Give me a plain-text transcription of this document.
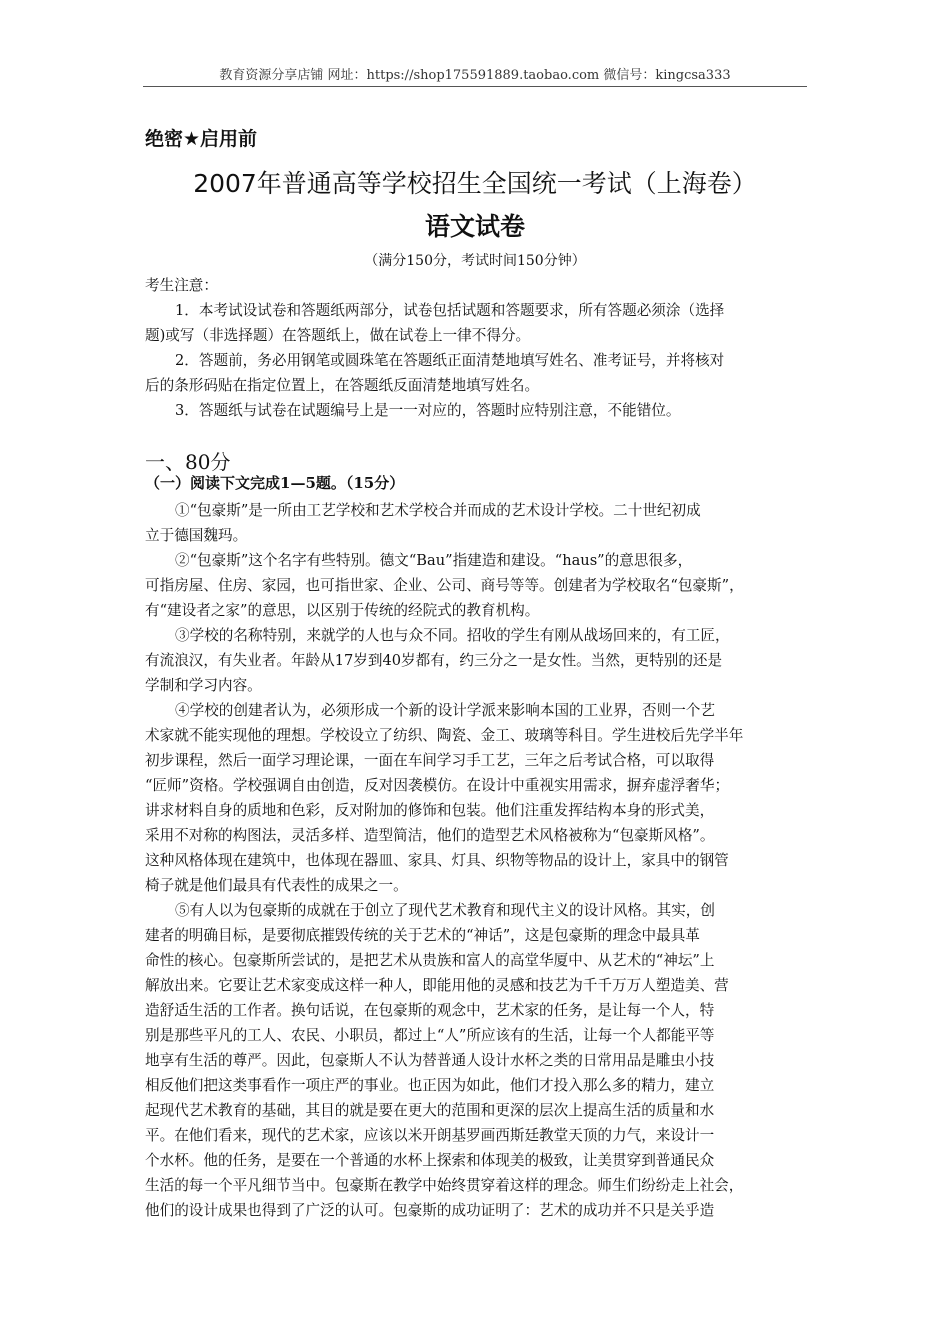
教育资源分享店铺 网址：https://shop175591889.taobao.com 微信号：kingcsa333
绝密★启用前
2007年普通高等学校招生全国统一考试（上海卷）
语文试卷
（满分150分，考试时间150分钟）
考生注意：
1．本考试设试卷和答题纸两部分，试卷包括试题和答题要求，所有答题必须涂（选择
题)或写（非选择题）在答题纸上，做在试卷上一律不得分。
2．答题前，务必用钢笔或圆珠笔在答题纸正面清楚地填写姓名、准考证号，并将核对
后的条形码贴在指定位置上，在答题纸反面清楚地填写姓名。
3．答题纸与试卷在试题编号上是一一对应的，答题时应特别注意，不能错位。
一、80分
（一）阅读下文完成1—5题。（15分）
①“包豪斯”是一所由工艺学校和艺术学校合并而成的艺术设计学校。二十世纪初成
立于德国魏玛。
②“包豪斯”这个名字有些特别。德文“Bau”指建造和建设。“haus”的意思很多，
可指房屋、住房、家园，也可指世家、企业、公司、商号等等。创建者为学校取名“包豪斯”，
有“建设者之家”的意思，以区别于传统的经院式的教育机构。
③学校的名称特别，来就学的人也与众不同。招收的学生有刚从战场回来的，有工匠，
有流浪汉，有失业者。年龄从17岁到40岁都有，约三分之一是女性。当然，更特别的还是
学制和学习内容。
④学校的创建者认为，必须形成一个新的设计学派来影响本国的工业界，否则一个艺
术家就不能实现他的理想。学校设立了纺织、陶瓷、金工、玻璃等科目。学生进校后先学半年
初步课程，然后一面学习理论课，一面在车间学习手工艺，三年之后考试合格，可以取得
“匠师”资格。学校强调自由创造，反对因袭模仿。在设计中重视实用需求，摒弃虚浮奢华；
讲求材料自身的质地和色彩，反对附加的修饰和包装。他们注重发挥结构本身的形式美，
采用不对称的构图法，灵活多样、造型简洁，他们的造型艺术风格被称为“包豪斯风格”。
这种风格体现在建筑中，也体现在器皿、家具、灯具、织物等物品的设计上，家具中的钢管
椅子就是他们最具有代表性的成果之一。
⑤有人以为包豪斯的成就在于创立了现代艺术教育和现代主义的设计风格。其实，创
建者的明确目标，是要彻底摧毁传统的关于艺术的“神话”，这是包豪斯的理念中最具革
命性的核心。包豪斯所尝试的，是把艺术从贵族和富人的高堂华厦中、从艺术的“神坛”上
解放出来。它要让艺术家变成这样一种人，即能用他的灵感和技艺为千千万万人塑造美、营
造舒适生活的工作者。换句话说，在包豪斯的观念中，艺术家的任务，是让每一个人，特
别是那些平凡的工人、农民、小职员，都过上“人”所应该有的生活，让每一个人都能平等
地享有生活的尊严。因此，包豪斯人不认为替普通人设计水杯之类的日常用品是雕虫小技
相反他们把这类事看作一项庄严的事业。也正因为如此，他们才投入那么多的精力，建立
起现代艺术教育的基础，其目的就是要在更大的范围和更深的层次上提高生活的质量和水
平。在他们看来，现代的艺术家，应该以米开朗基罗画西斯廷教堂天顶的力气，来设计一
个水杯。他的任务，是要在一个普通的水杯上探索和体现美的极致，让美贯穿到普通民众
生活的每一个平凡细节当中。包豪斯在教学中始终贯穿着这样的理念。师生们纷纷走上社会，
他们的设计成果也得到了广泛的认可。包豪斯的成功证明了：艺术的成功并不只是关乎造
